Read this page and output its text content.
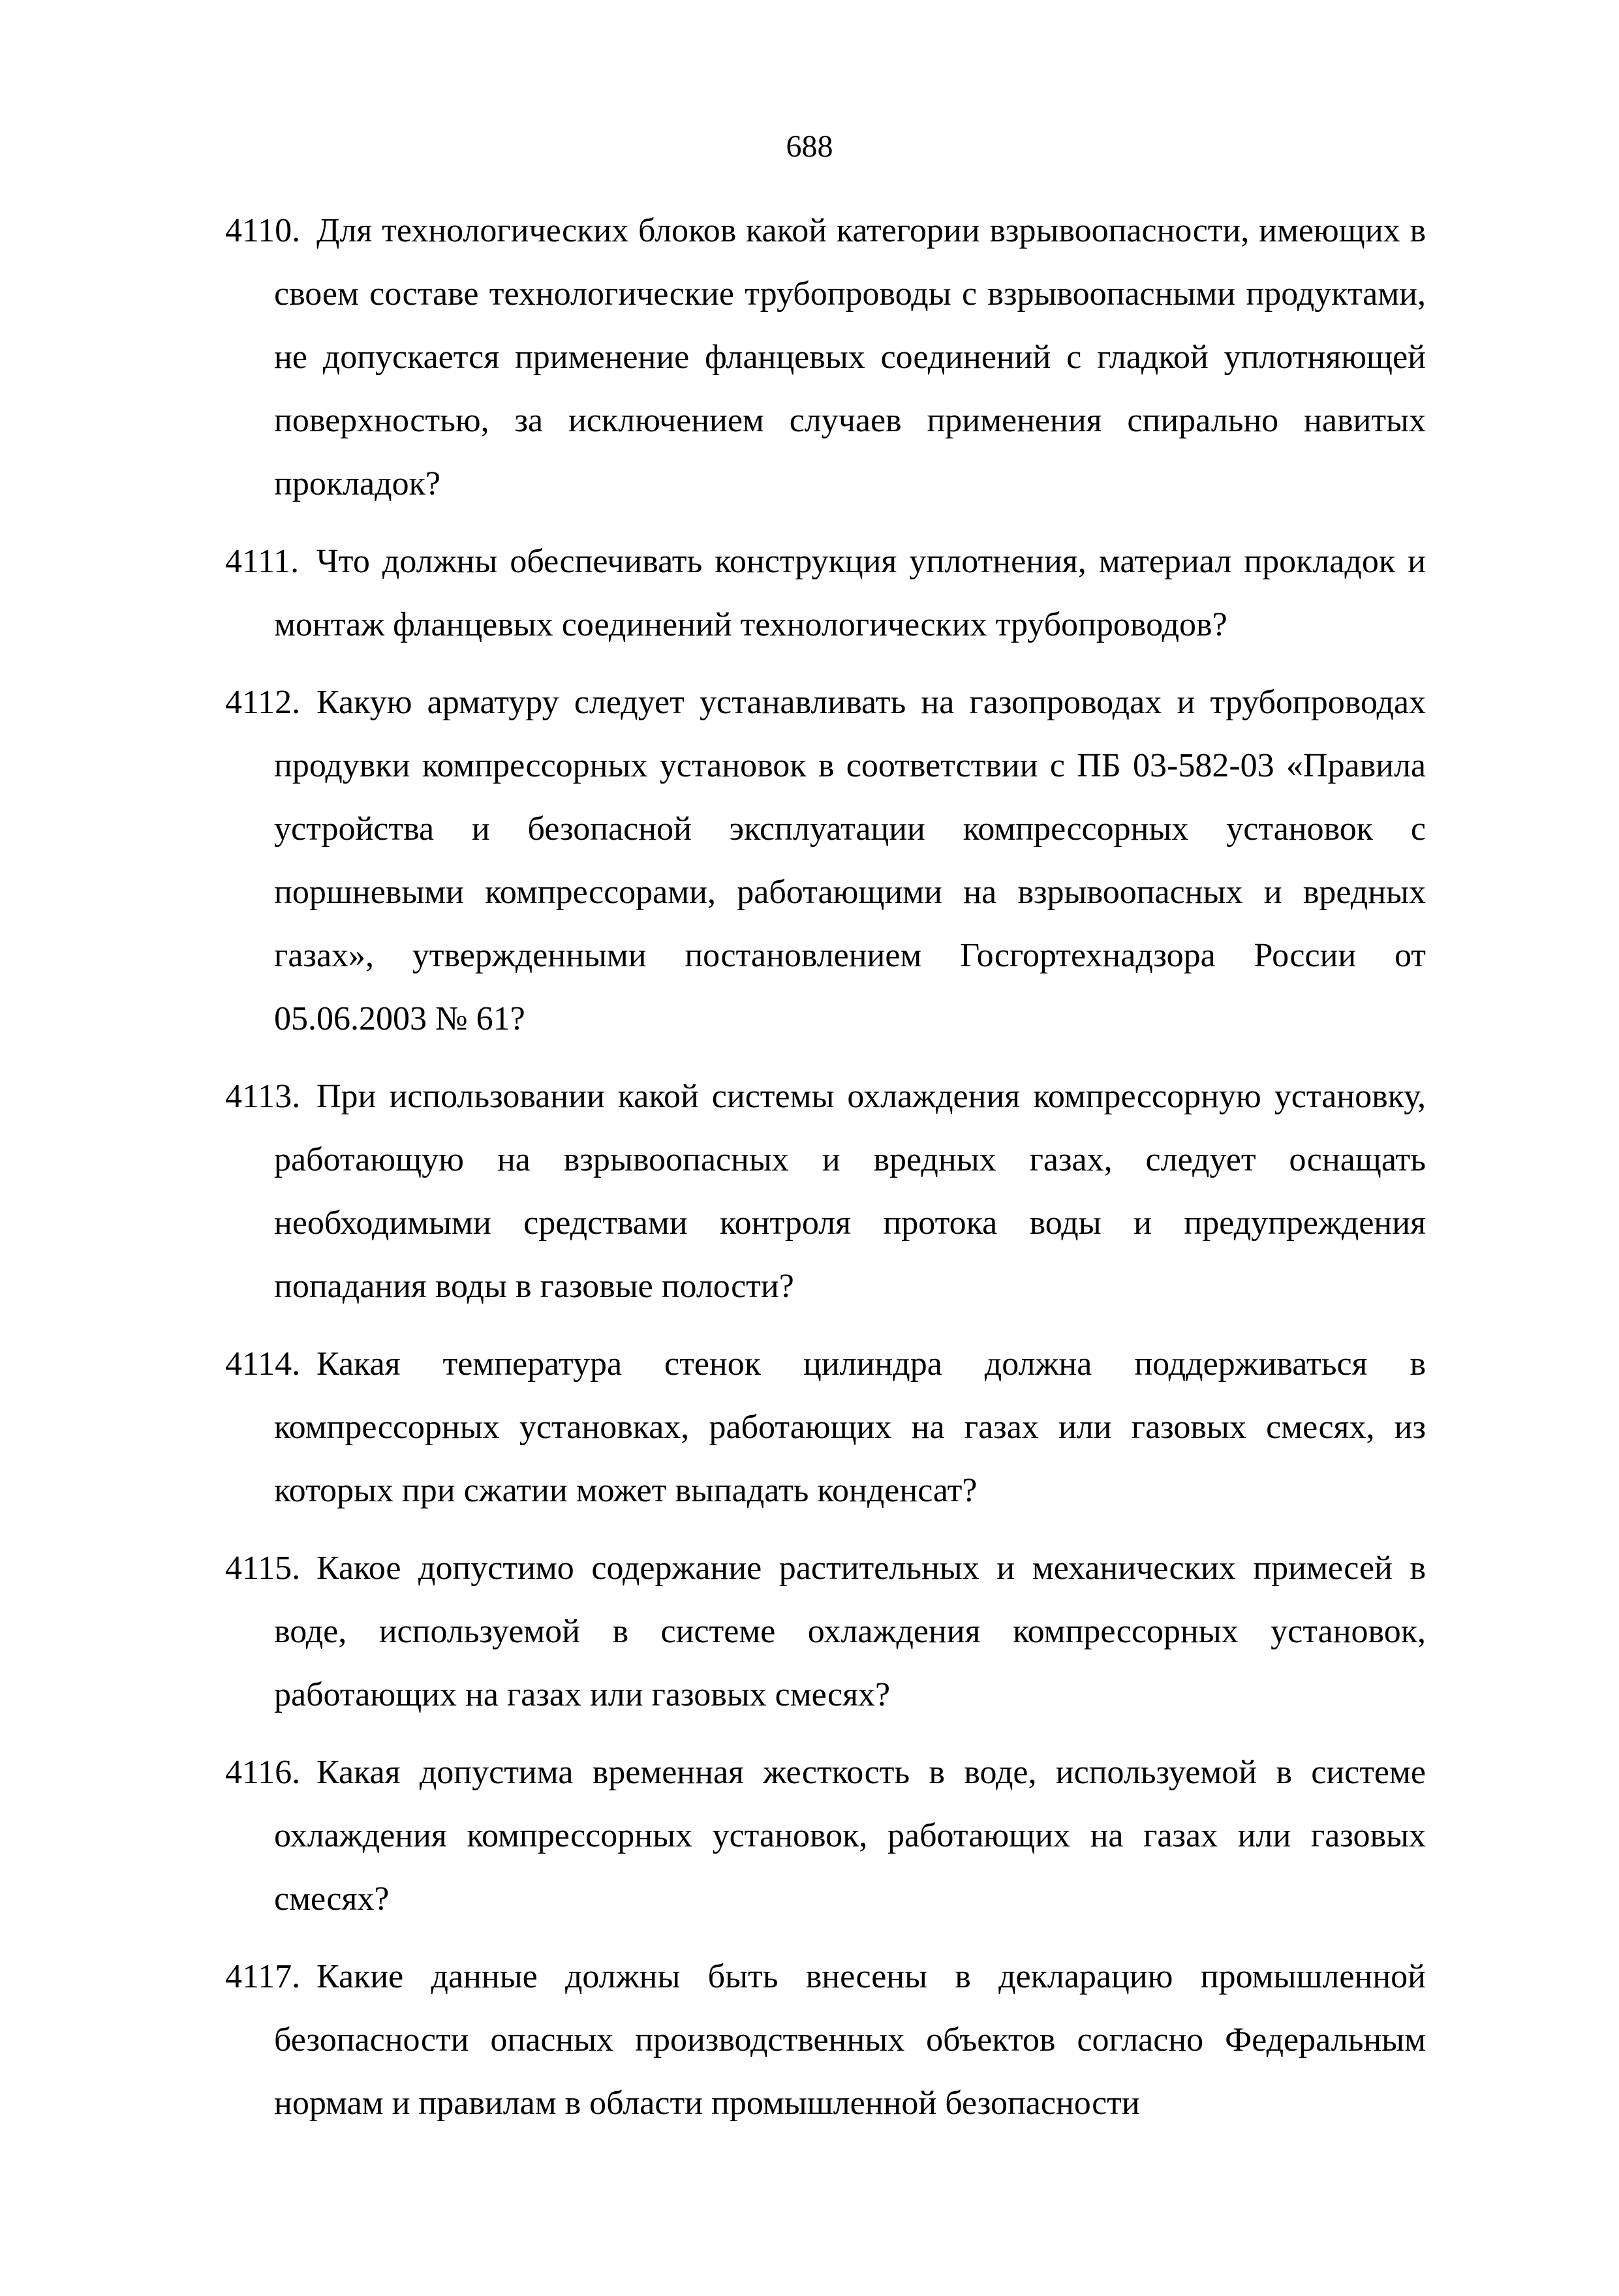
688
4110. Для технологических блоков какой категории взрывоопасности, имеющих в своем составе технологические трубопроводы с взрывоопасными продуктами, не допускается применение фланцевых соединений с гладкой уплотняющей поверхностью, за исключением случаев применения спирально навитых прокладок?
4111. Что должны обеспечивать конструкция уплотнения, материал прокладок и монтаж фланцевых соединений технологических трубопроводов?
4112. Какую арматуру следует устанавливать на газопроводах и трубопроводах продувки компрессорных установок в соответствии с ПБ 03-582-03 «Правила устройства и безопасной эксплуатации компрессорных установок с поршневыми компрессорами, работающими на взрывоопасных и вредных газах», утвержденными постановлением Госгортехнадзора России от 05.06.2003 № 61?
4113. При использовании какой системы охлаждения компрессорную установку, работающую на взрывоопасных и вредных газах, следует оснащать необходимыми средствами контроля протока воды и предупреждения попадания воды в газовые полости?
4114. Какая температура стенок цилиндра должна поддерживаться в компрессорных установках, работающих на газах или газовых смесях, из которых при сжатии может выпадать конденсат?
4115. Какое допустимо содержание растительных и механических примесей в воде, используемой в системе охлаждения компрессорных установок, работающих на газах или газовых смесях?
4116. Какая допустима временная жесткость в воде, используемой в системе охлаждения компрессорных установок, работающих на газах или газовых смесях?
4117. Какие данные должны быть внесены в декларацию промышленной безопасности опасных производственных объектов согласно Федеральным нормам и правилам в области промышленной безопасности
